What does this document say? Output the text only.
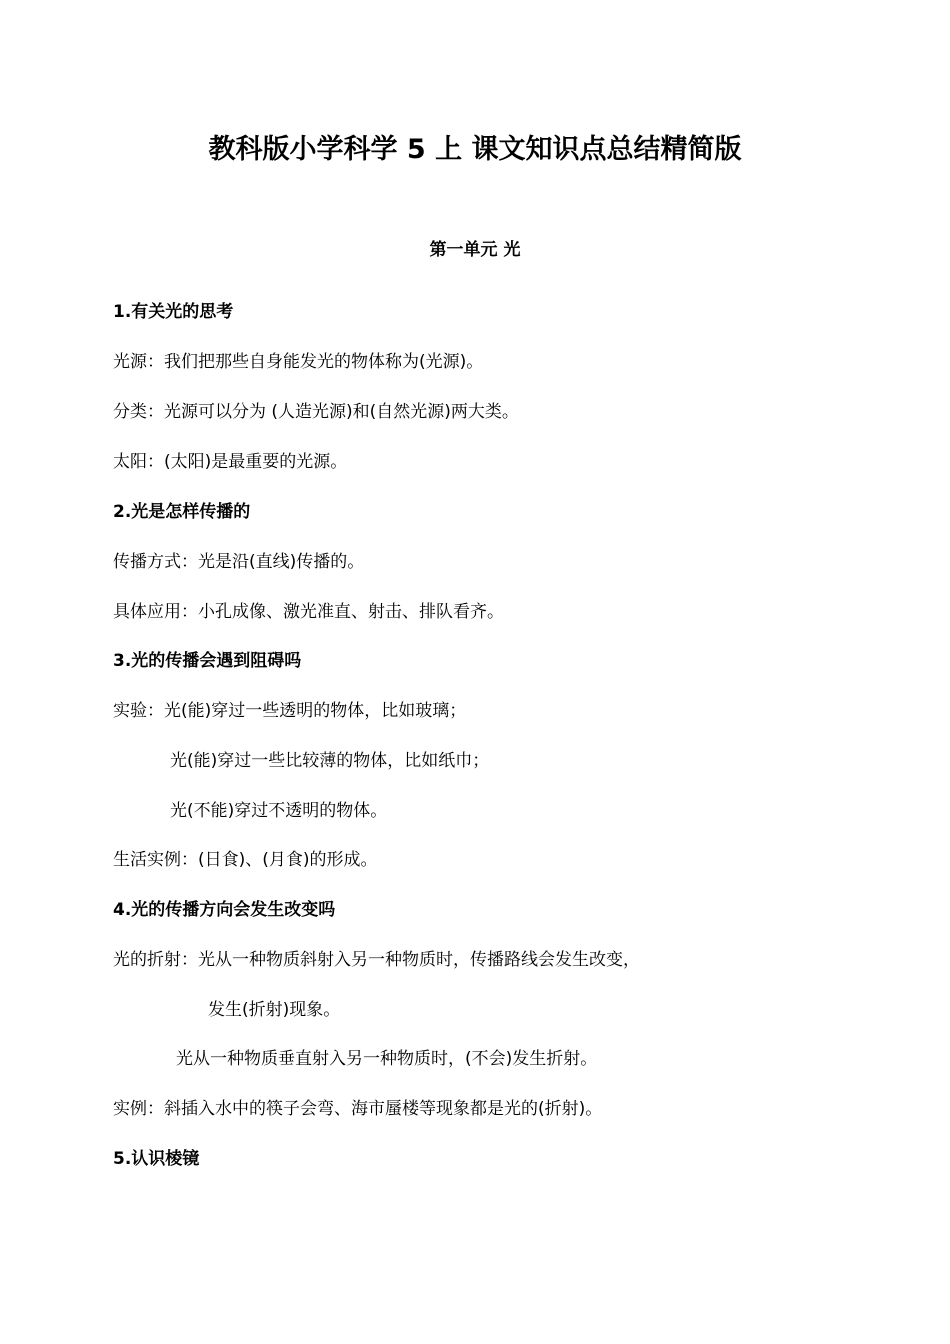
教科版小学科学 5 上 课文知识点总结精简版
第一单元 光
1.有关光的思考
光源：我们把那些自身能发光的物体称为(光源)。
分类：光源可以分为 (人造光源)和(自然光源)两大类。
太阳：(太阳)是最重要的光源。
2.光是怎样传播的
传播方式：光是沿(直线)传播的。
具体应用：小孔成像、激光准直、射击、排队看齐。
3.光的传播会遇到阻碍吗
实验：光(能)穿过一些透明的物体，比如玻璃；
光(能)穿过一些比较薄的物体，比如纸巾；
光(不能)穿过不透明的物体。
生活实例：(日食)、(月食)的形成。
4.光的传播方向会发生改变吗
光的折射：光从一种物质斜射入另一种物质时，传播路线会发生改变，
发生(折射)现象。
光从一种物质垂直射入另一种物质时，(不会)发生折射。
实例：斜插入水中的筷子会弯、海市蜃楼等现象都是光的(折射)。
5.认识棱镜
